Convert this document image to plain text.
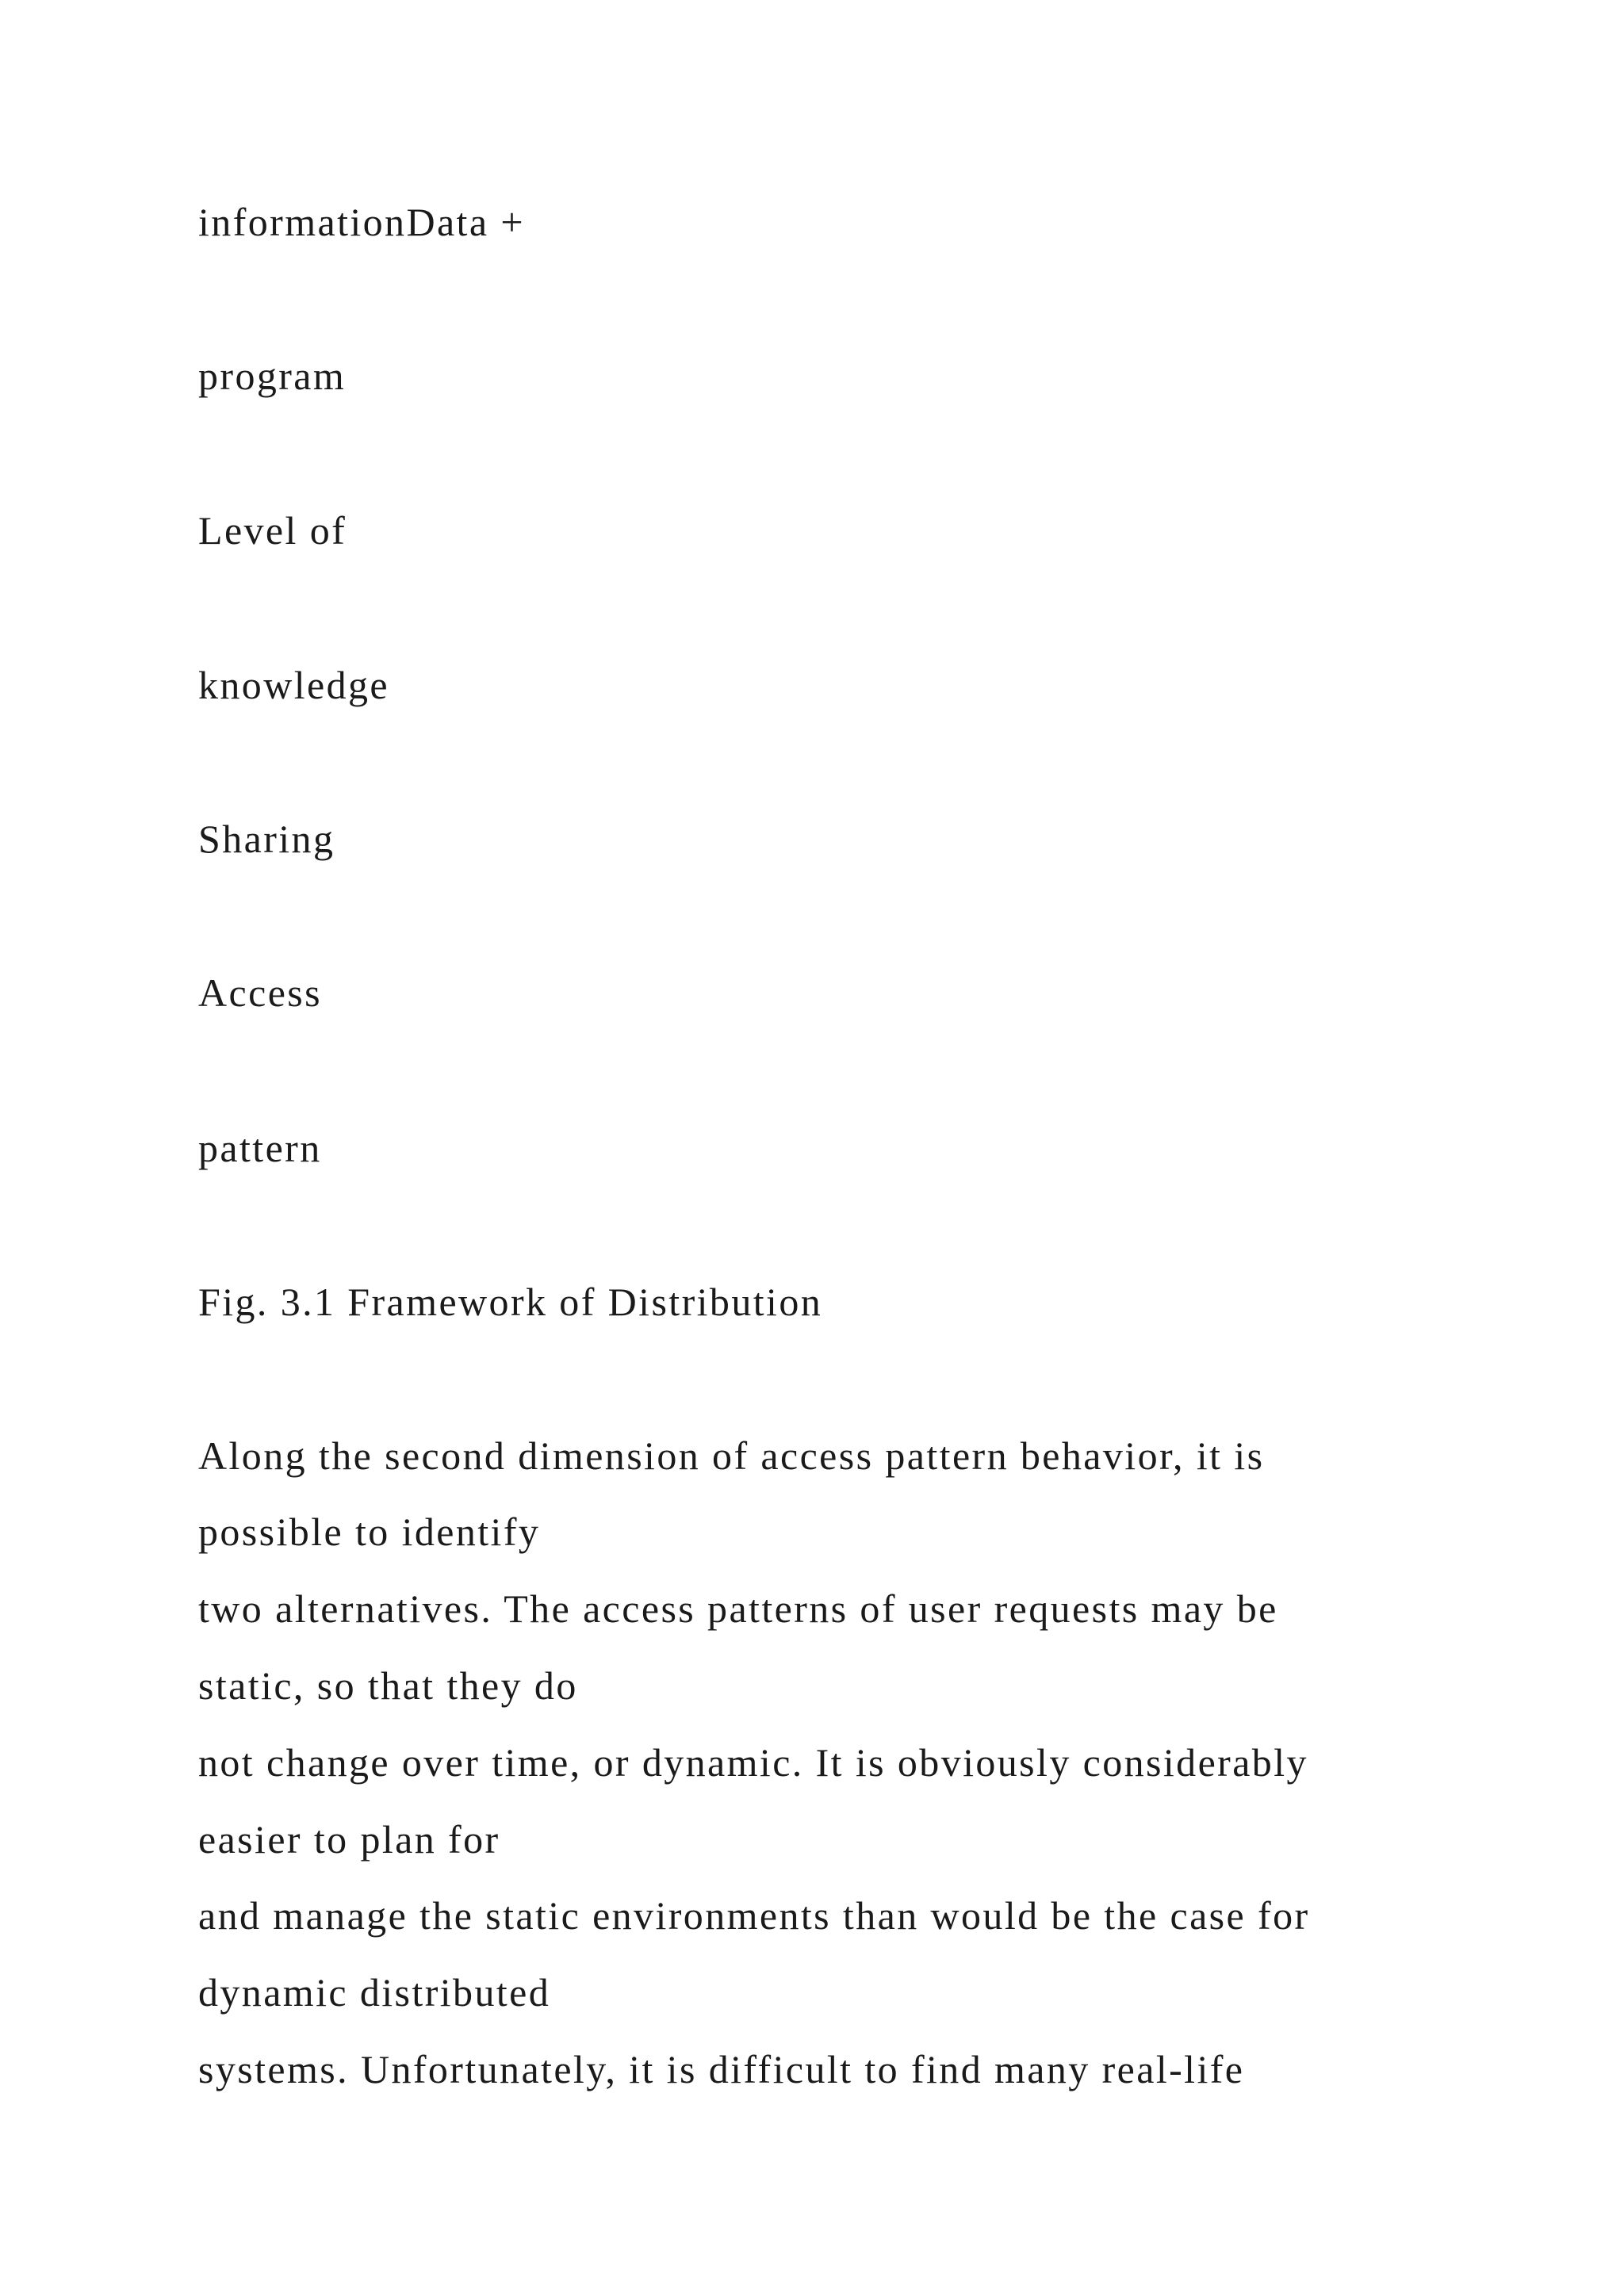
informationData +

program

Level of

knowledge

Sharing

Access

pattern

Fig. 3.1 Framework of Distribution

Along the second dimension of access pattern behavior, it is

possible to identify

two alternatives. The access patterns of user requests may be

static, so that they do

not change over time, or dynamic. It is obviously considerably

easier to plan for

and manage the static environments than would be the case for

dynamic distributed

systems. Unfortunately, it is difficult to find many real-life
